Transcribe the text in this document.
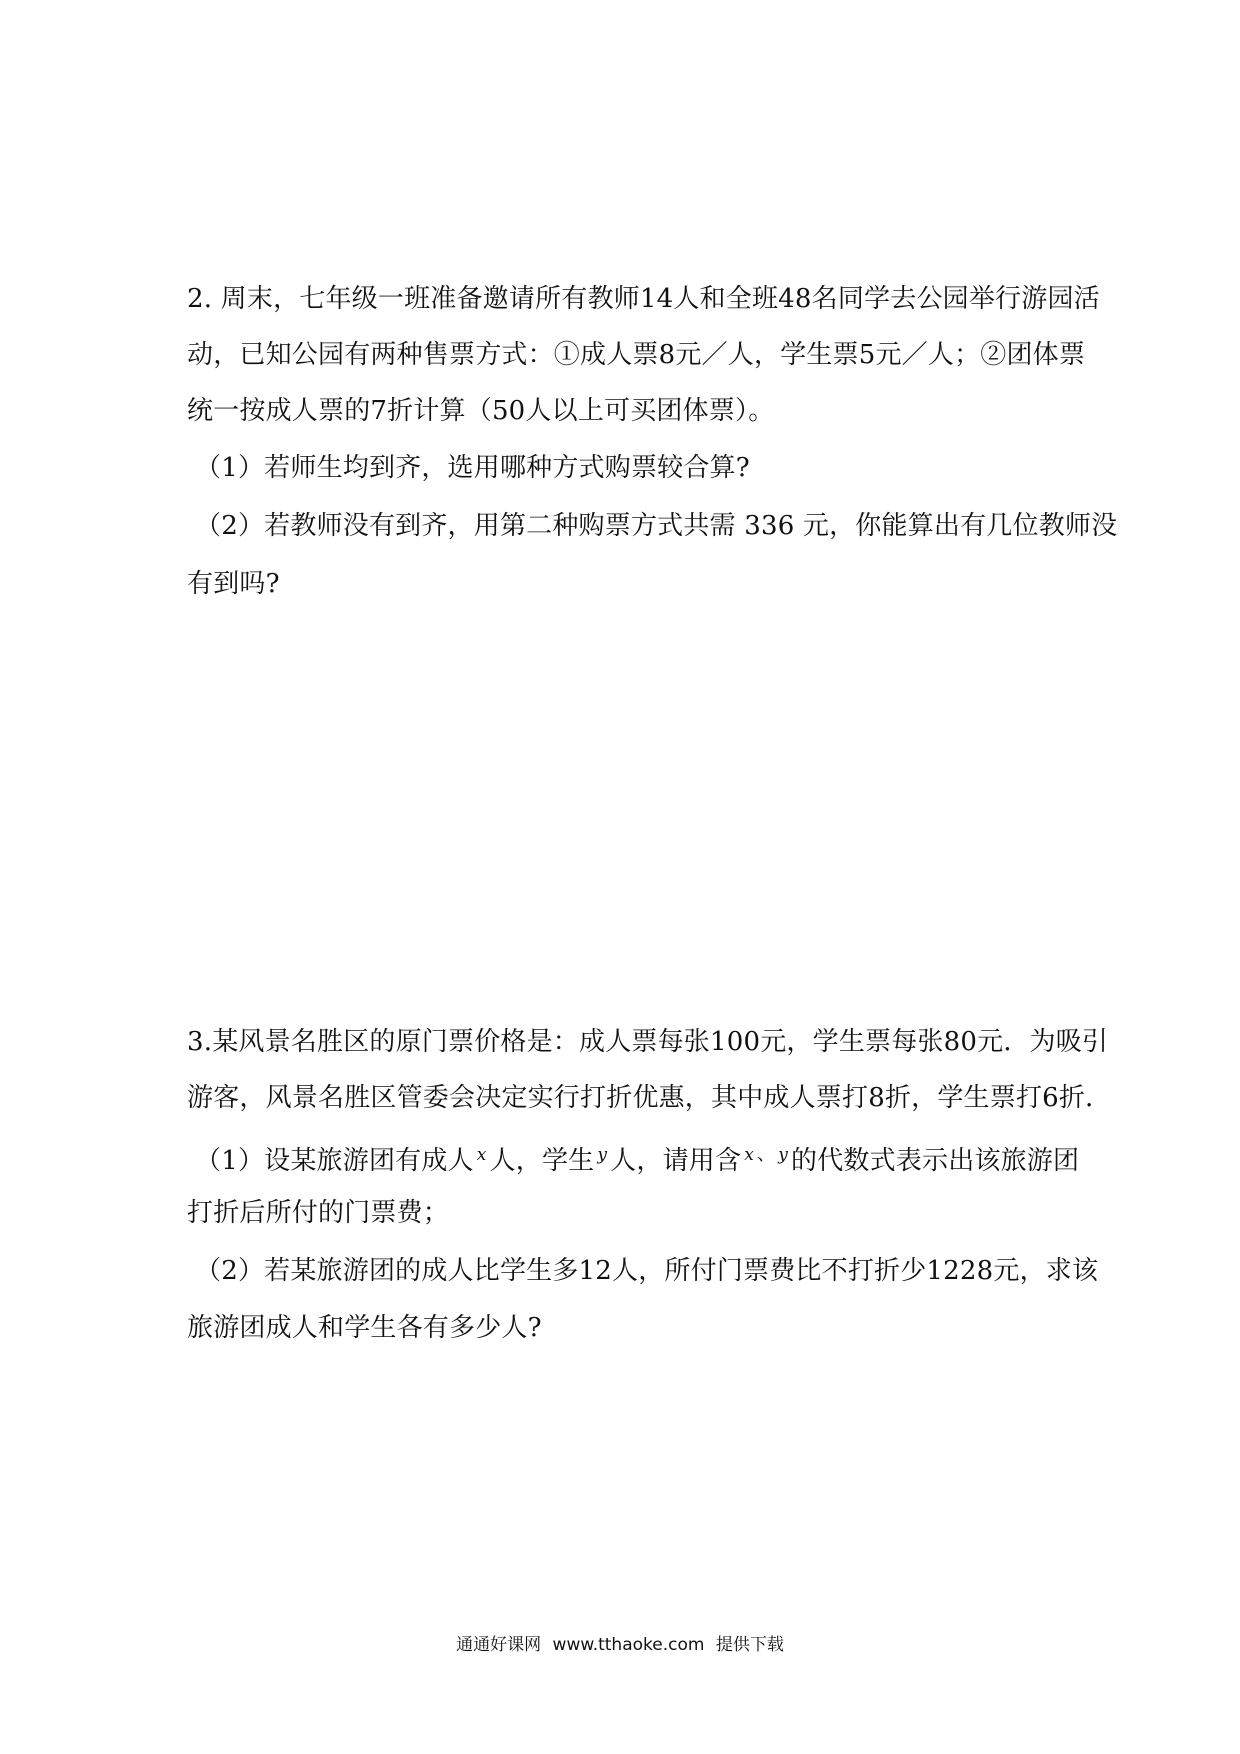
2. 周末，七年级一班准备邀请所有教师14人和全班48名同学去公园举行游园活
动，已知公园有两种售票方式：①成人票8元／人，学生票5元／人；②团体票
统一按成人票的7折计算（50人以上可买团体票）。
（1）若师生均到齐，选用哪种方式购票较合算?
（2）若教师没有到齐，用第二种购票方式共需 336 元，你能算出有几位教师没
有到吗?
3.某风景名胜区的原门票价格是：成人票每张100元，学生票每张80元．为吸引
游客，风景名胜区管委会决定实行打折优惠，其中成人票打8折，学生票打6折．
（1）设某旅游团有成人 $^x$ 人，学生 $^y$ 人，请用含 $^x$ 、 $^y$ 的代数式表示出该旅游团
打折后所付的门票费；
（2）若某旅游团的成人比学生多12人，所付门票费比不打折少1228元，求该
旅游团成人和学生各有多少人?
通通好课网 www.tthaoke.com 提供下载
